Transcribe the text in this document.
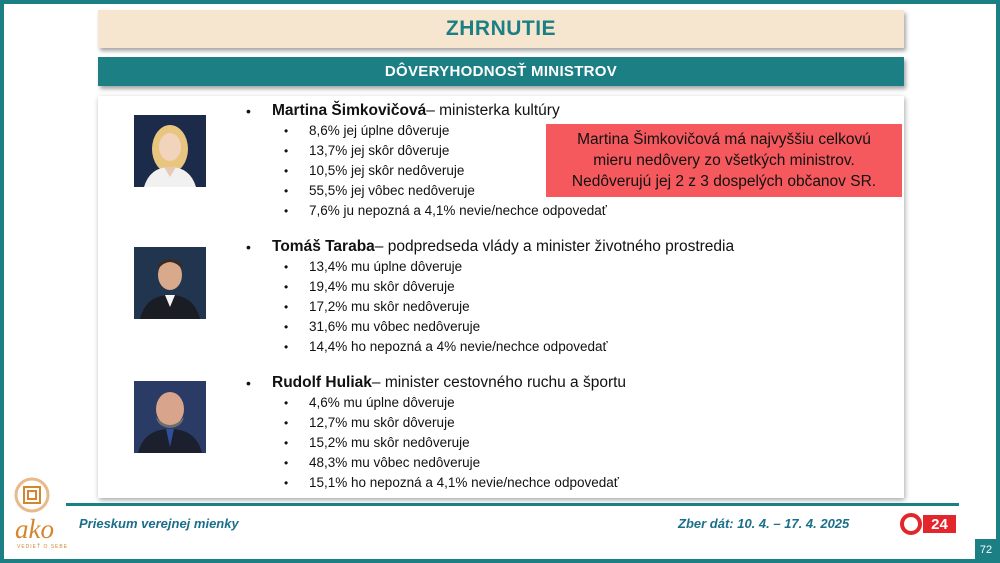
ZHRNUTIE
DÔVERYHODNOSŤ MINISTROV
•	Martina Šimkovičová – ministerka kultúry
•	8,6% jej úplne dôveruje
•	13,7% jej skôr dôveruje
•	10,5% jej skôr nedôveruje
•	55,5% jej vôbec nedôveruje
•	7,6% ju nepozná a 4,1% nevie/nechce odpovedať
•	Tomáš Taraba – podpredseda vlády a minister životného prostredia
•	13,4% mu úplne dôveruje
•	19,4% mu skôr dôveruje
•	17,2% mu skôr nedôveruje
•	31,6% mu vôbec nedôveruje
•	14,4% ho nepozná a 4% nevie/nechce odpovedať
•	Rudolf Huliak – minister cestovného ruchu a športu
•	4,6% mu úplne dôveruje
•	12,7% mu skôr dôveruje
•	15,2% mu skôr nedôveruje
•	48,3% mu vôbec nedôveruje
•	15,1% ho nepozná a 4,1% nevie/nechce odpovedať
Martina Šimkovičová má najvyššiu celkovú
mieru nedôvery zo všetkých ministrov.
Nedôverujú jej 2 z 3 dospelých občanov SR.
ako
VEDIEŤ O SEBE
Prieskum verejnej mienky	Zber dát: 10. 4. – 17. 4. 2025	24
72
